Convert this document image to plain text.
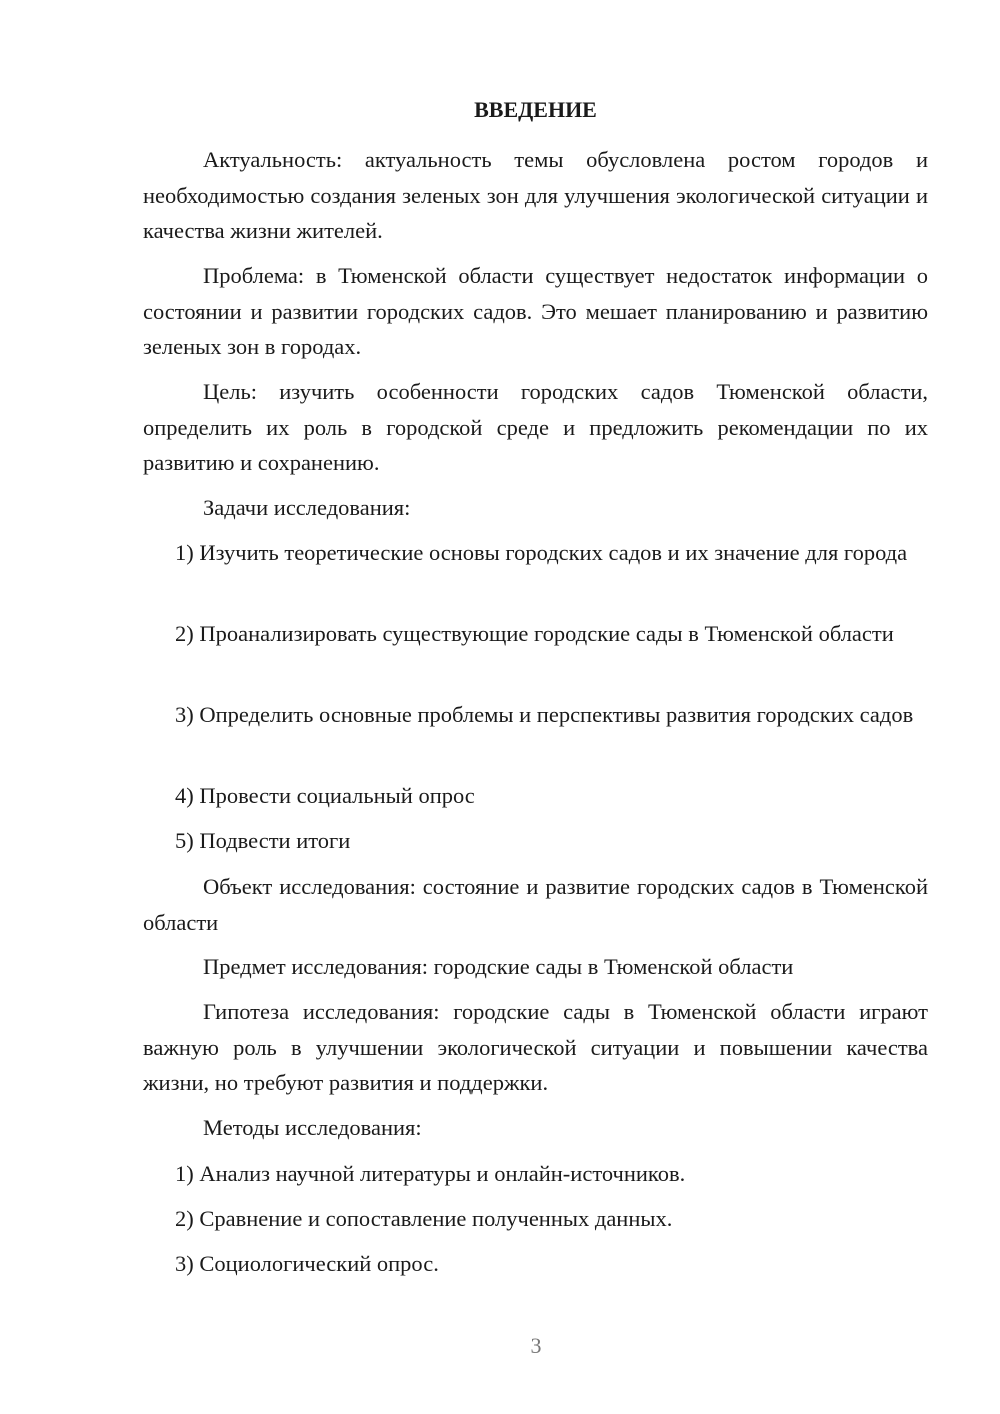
ВВЕДЕНИЕ

Актуальность: актуальность темы обусловлена ростом городов и необходимостью создания зеленых зон для улучшения экологической ситуации и качества жизни жителей.

Проблема: в Тюменской области существует недостаток информации о состоянии и развитии городских садов. Это мешает планированию и развитию зеленых зон в городах.

Цель: изучить особенности городских садов Тюменской области, определить их роль в городской среде и предложить рекомендации по их развитию и сохранению.

Задачи исследования:

1) Изучить теоретические основы городских садов и их значение для города

2) Проанализировать существующие городские сады в Тюменской области

3) Определить основные проблемы и перспективы развития городских садов

4) Провести социальный опрос

5) Подвести итоги

Объект исследования: состояние и развитие городских садов в Тюменской области

Предмет исследования: городские сады в Тюменской области

Гипотеза исследования: городские сады в Тюменской области играют важную роль в улучшении экологической ситуации и повышении качества жизни, но требуют развития и поддержки.

Методы исследования:

1) Анализ научной литературы и онлайн-источников.

2) Сравнение и сопоставление полученных данных.

3) Социологический опрос.

3
